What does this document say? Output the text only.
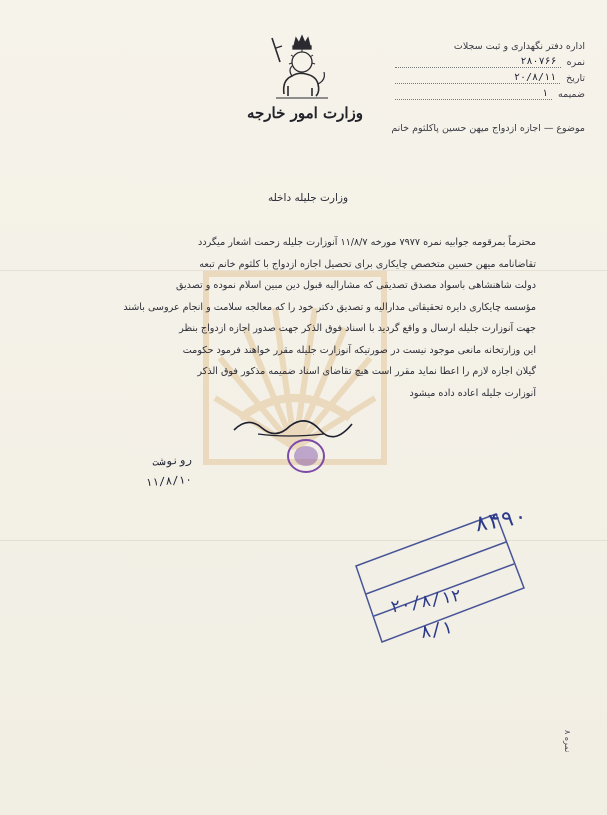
وزارت امور خارجه
اداره دفتر نگهداری و ثبت سجلات
نمره
۲۸۰۷۶۶
تاریخ
۲۰/۸/۱۱
ضمیمه
۱
موضوع — اجازه ازدواج میهن حسین پاکلثوم خانم
وزارت جلیله داخله

محترماً بمرقومه جوابیه نمره ۷۹۷۷ مورخه ۱۱/۸/۷ آنوزارت جلیله زحمت اشعار میگردد

تقاضانامه میهن حسین متخصص چایکاری برای تحصیل اجازه ازدواج با کلثوم خانم تبعه

دولت شاهنشاهی باسواد مصدق تصدیقی که مشارالیه قبول دین مبین اسلام نموده و تصدیق

مؤسسه چایکاری دایره تحقیقاتی مدارالیه و تصدیق دکتر خود را که معالجه سلامت و انجام عروسی باشند

جهت آنوزارت جلیله ارسال و واقع گردید با اسناد فوق الذکر جهت صدور اجازه ازدواج بنظر

این وزارتخانه مانعی موجود نیست در صورتیکه آنوزارت جلیله مقرر خواهند فرمود حکومت

گیلان اجازه لازم را اعطا نماید مقرر است هیچ تقاضای اسناد ضمیمه مذکور فوق الذکر

آنوزارت جلیله اعاده داده میشود

رونوشت
۱۱/۸/۱۰
۸۴۹۰
۲۰/۸/۱۲
۸/۱
۸ نمره
